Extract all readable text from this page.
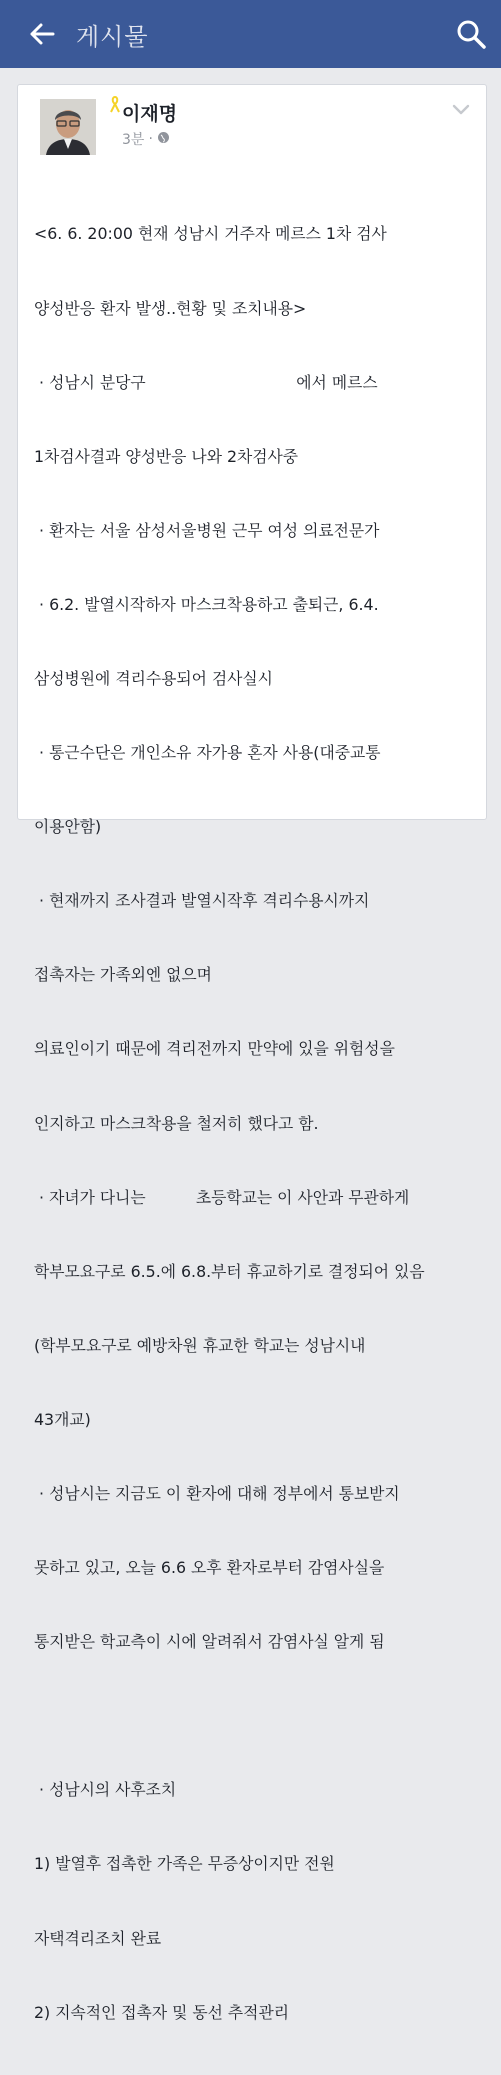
게시물
이재명
3분 ·

<6. 6. 20:00 현재 성남시 거주자 메르스 1차 검사

양성반응 환자 발생..현황 및 조치내용>

· 성남시 분당구                              에서 메르스

1차검사결과 양성반응 나와 2차검사중

· 환자는 서울 삼성서울병원 근무 여성 의료전문가

· 6.2. 발열시작하자 마스크착용하고 출퇴근, 6.4.

삼성병원에 격리수용되어 검사실시

· 통근수단은 개인소유 자가용 혼자 사용(대중교통

이용안함)

· 현재까지 조사결과 발열시작후 격리수용시까지

접촉자는 가족외엔 없으며

의료인이기 때문에 격리전까지 만약에 있을 위험성을

인지하고 마스크착용을 철저히 했다고 함.

· 자녀가 다니는          초등학교는 이 사안과 무관하게

학부모요구로 6.5.에 6.8.부터 휴교하기로 결정되어 있음

(학부모요구로 예방차원 휴교한 학교는 성남시내

43개교)

· 성남시는 지금도 이 환자에 대해 정부에서 통보받지

못하고 있고, 오늘 6.6 오후 환자로부터 감염사실을

통지받은 학교측이 시에 알려줘서 감염사실 알게 됨

· 성남시의 사후조치

1) 발열후 접촉한 가족은 무증상이지만 전원

자택격리조치 완료

2) 지속적인 접촉자 및 동선 추적관리
